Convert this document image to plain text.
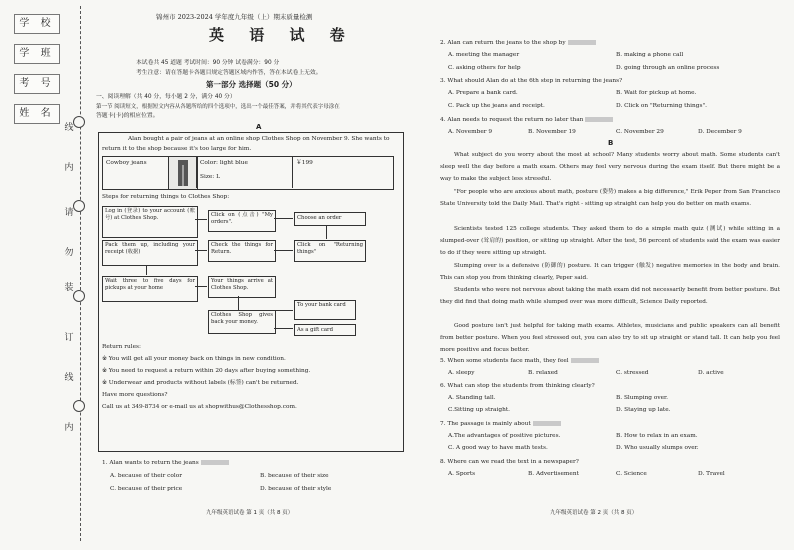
学 校
学 班
考 号
姓 名
线
内
请
勿
装
订
线
内
锦州市 2023-2024 学年度九年级（上）期末质量检测
英 语 试 卷
本试卷共 45 道题 考试时间：90 分钟 试卷满分：90 分
考生注意：请在答题卡各题目规定答题区域内作答，答在本试卷上无效。
第一部分 选择题（50 分）
一、阅读理解（共 40 分，每小题 2 分，满分 40 分）
第一节 阅读短文，根据短文内容从各题所给的四个选项中，选出一个最佳答案，并将其代表字母涂在
答题卡(卡)的相应位置。
A
Alan bought a pair of jeans at an online shop Clothes Shop on November 9. She wants to
return it to the shop because it's too large for him.
Cowboy jeans	Color: light blue
Size: L
￥199
Steps for returning things to Clothes Shop:
Log in (登录) to your account (账号) at Clothes Shop.	Click on (点击) "My orders".
Choose an order
Pack them up, including your receipt (收据)
Check the things for Return.
Click on "Returning things"
Wait three to five days for pickups at your home
Your things arrive at Clothes Shop.
Clothes Shop gives back your money.
To your bank card
As a gift card
Return rules:
※ You will get all your money back on things in new condition.
※ You need to request a return within 20 days after buying something.
※ Underwear and products without labels (标签) can't be returned.
Have more questions?
Call us at 349-8734 or e-mail us at shopwithus@Clothesshop.com.
1. Alan wants to return the jeans
A. because of their color	B. because of their size
C. because of their price	D. because of their style
九年级英语试卷 第 1 页（共 8 页）
2. Alan can return the jeans to the shop by
A. meeting the manager	B. making a phone call
C. asking others for help	D. going through an online process
3. What should Alan do at the 6th step in returning the jeans?
A. Prepare a bank card.	B. Wait for pickup at home.
C. Pack up the jeans and receipt.	D. Click on "Returning things".
4. Alan needs to request the return no later than
A. November 9	B. November 19	C. November 29	D. December 9
B
What subject do you worry about the most at school? Many students worry about math. Some students can't sleep well the day before a math exam. Others may feel very nervous during the exam itself. But there might be a way to make the subject less stressful.
"For people who are anxious about math, posture (姿势) makes a big difference," Erik Peper from San Francisco State University told the Daily Mail. That's right - sitting up straight can help you do better on math exams.
Scientists tested 125 college students. They asked them to do a simple math quiz (测试) while sitting in a slumped-over (耸肩的) position, or sitting up straight. After the test, 56 percent of students said the exam was easier to do if they were sitting up straight.
Slumping over is a defensive (防御的) posture. It can trigger (触发) negative memories in the body and brain. This can stop you from thinking clearly, Peper said.
Students who were not nervous about taking the math exam did not necessarily benefit from better posture. But they did find that doing math while slumped over was more difficult, Science Daily reported.
Good posture isn't just helpful for taking math exams. Athletes, musicians and public speakers can all benefit from better posture. When you feel stressed out, you can also try to sit up straight or stand tall. It can help you feel more positive and focus better.
5. When some students face math, they feel
A. sleepy	B. relaxed	C. stressed	D. active
6. What can stop the students from thinking clearly?
A. Standing tall.	B. Slumping over.
C.Sitting up straight.	D. Staying up late.
7. The passage is mainly about
A.The advantages of positive pictures.	B. How to relax in an exam.
C. A good way to have math tests.	D. Who usually slumps over.
8. Where can we read the text in a newspaper?
A. Sports	B. Advertisement	C. Science	D. Travel
九年级英语试卷 第 2 页（共 8 页）
